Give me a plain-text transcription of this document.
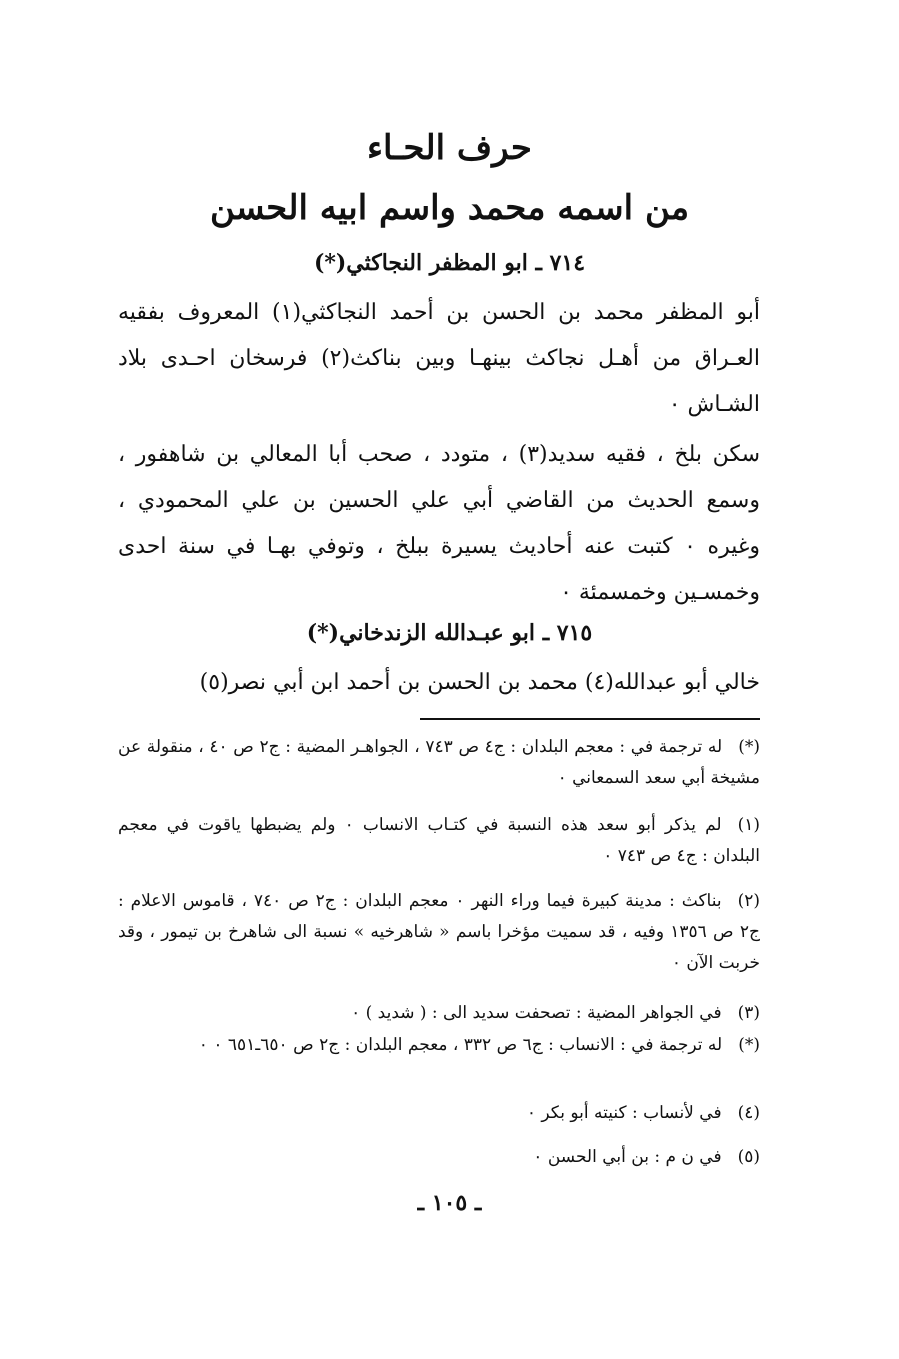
حرف الحـاء
من اسمه محمد واسم ابيه الحسن
٧١٤ ـ ابو المظفر النجاكثي(*)
أبو المظفر محمد بن الحسن بن أحمد النجاكثي(١) المعروف بفقيه العـراق من أهـل نجاكث بينهـا وبين بناكث(٢) فرسخان احـدى بلاد الشـاش ٠
سكن بلخ ، فقيه سديد(٣) ، متودد ، صحب أبا المعالي بن شاهفور ، وسمع الحديث من القاضي أبي علي الحسين بن علي المحمودي ، وغيره ٠ كتبت عنه أحاديث يسيرة ببلخ ، وتوفي بهـا في سنة احدى وخمسـين وخمسمئة ٠
٧١٥ ـ ابو عبـدالله الزندخاني(*)
خالي أبو عبدالله(٤) محمد بن الحسن بن أحمد ابن أبي نصر(٥)
(*)له ترجمة في : معجم البلدان : ج٤ ص ٧٤٣ ، الجواهـر المضية : ج٢ ص ٤٠ ، منقولة عن مشيخة أبي سعد السمعاني ٠
(١)لم يذكر أبو سعد هذه النسبة في كتـاب الانساب ٠ ولم يضبطها ياقوت في معجم البلدان : ج٤ ص ٧٤٣ ٠
(٢)بناكث : مدينة كبيرة فيما وراء النهر ٠ معجم البلدان : ج٢ ص ٧٤٠ ، قاموس الاعلام : ج٢ ص ١٣٥٦ وفيه ، قد سميت مؤخرا باسم « شاهرخيه » نسبة الى شاهرخ بن تيمور ، وقد خربت الآن ٠
(٣)في الجواهر المضية : تصحفت سديد الى : ( شديد ) ٠
(*)له ترجمة في : الانساب : ج٦ ص ٣٣٢ ، معجم البلدان : ج٢ ص ٦٥٠ـ٦٥١ ٠ ٠
(٤)في لأنساب : كنيته أبو بكر ٠
(٥)في ن م : بن أبي الحسن ٠
ـ ١٠٥ ـ
